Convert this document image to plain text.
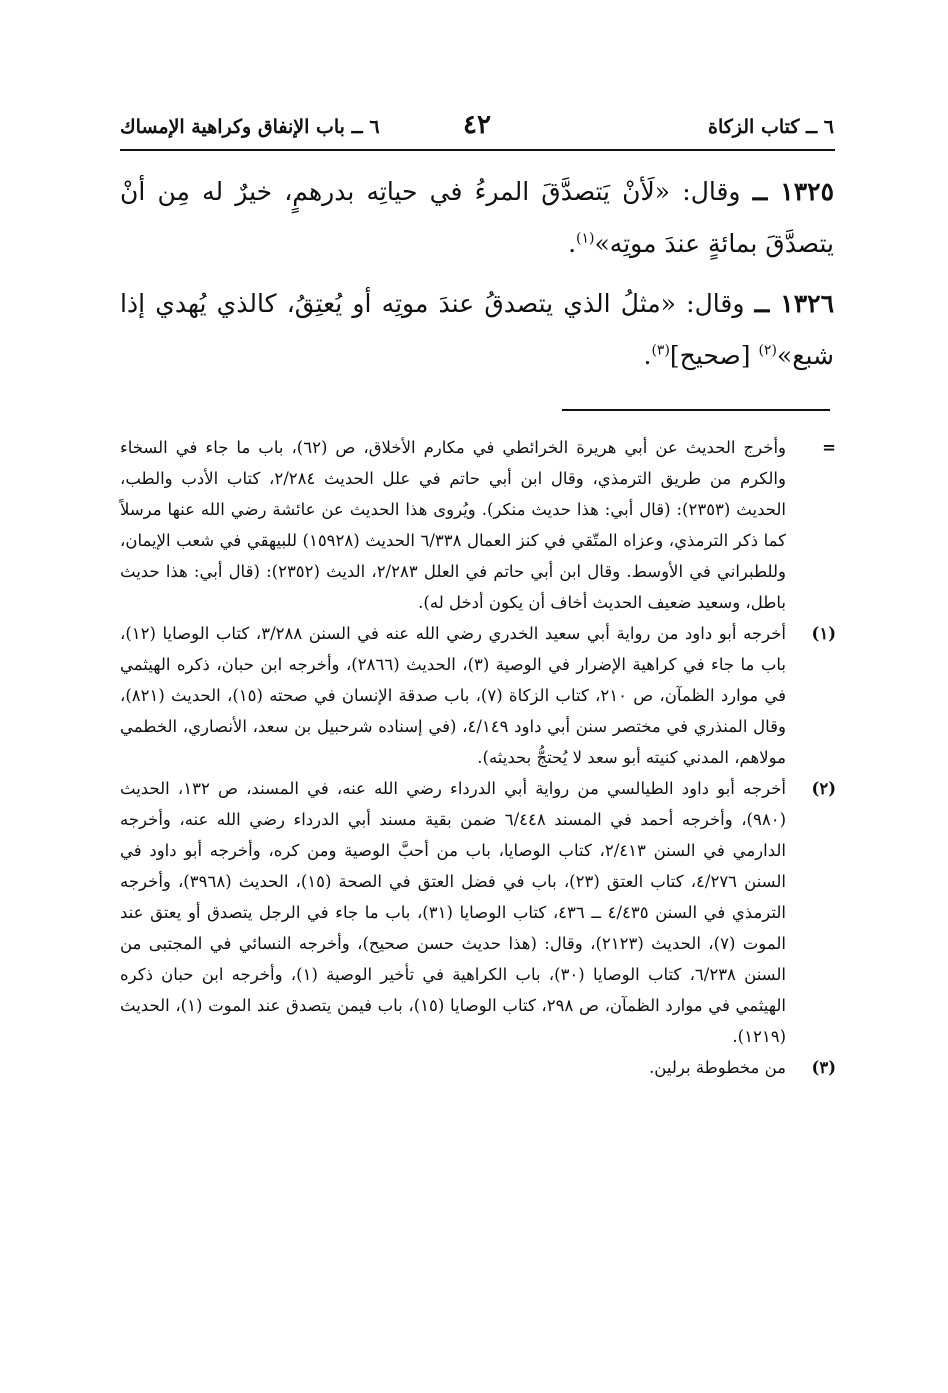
٦ ــ كتاب الزكاة
٤٢
٦ ــ باب الإنفاق وكراهية الإمساك
١٣٢٥ ــ وقال: «لَأنْ يَتصدَّقَ المرءُ في حياتِه بدرهمٍ، خيرٌ له مِن أنْ يتصدَّقَ بمائةٍ عندَ موتِه»$^{(١)}$.
١٣٢٦ ــ وقال: «مثلُ الذي يتصدقُ عندَ موتِه أو يُعتِقُ، كالذي يُهدي إذا شبع»$^{(٢)}$ [صحيح]$^{(٣)}$.
=
وأخرج الحديث عن أبي هريرة الخرائطي في مكارم الأخلاق، ص (٦٢)، باب ما جاء في السخاء والكرم من طريق الترمذي، وقال ابن أبي حاتم في علل الحديث ٢/٢٨٤، كتاب الأدب والطب، الحديث (٢٣٥٣): (قال أبي: هذا حديث منكر). ويُروى هذا الحديث عن عائشة رضي الله عنها مرسلاً كما ذكر الترمذي، وعزاه المتّقي في كنز العمال ٦/٣٣٨ الحديث (١٥٩٢٨) للبيهقي في شعب الإيمان، وللطبراني في الأوسط. وقال ابن أبي حاتم في العلل ٢/٢٨٣، الديث (٢٣٥٢): (قال أبي: هذا حديث باطل، وسعيد ضعيف الحديث أخاف أن يكون أدخل له).
(١)
أخرجه أبو داود من رواية أبي سعيد الخدري رضي الله عنه في السنن ٣/٢٨٨، كتاب الوصايا (١٢)، باب ما جاء في كراهية الإضرار في الوصية (٣)، الحديث (٢٨٦٦)، وأخرجه ابن حبان، ذكره الهيثمي في موارد الظمآن، ص ٢١٠، كتاب الزكاة (٧)، باب صدقة الإنسان في صحته (١٥)، الحديث (٨٢١)، وقال المنذري في مختصر سنن أبي داود ٤/١٤٩، (في إسناده شرحبيل بن سعد، الأنصاري، الخطمي مولاهم، المدني كنيته أبو سعد لا يُحتجُّ بحديثه).
(٢)
أخرجه أبو داود الطيالسي من رواية أبي الدرداء رضي الله عنه، في المسند، ص ١٣٢، الحديث (٩٨٠)، وأخرجه أحمد في المسند ٦/٤٤٨ ضمن بقية مسند أبي الدرداء رضي الله عنه، وأخرجه الدارمي في السنن ٢/٤١٣، كتاب الوصايا، باب من أحبَّ الوصية ومن كره، وأخرجه أبو داود في السنن ٤/٢٧٦، كتاب العتق (٢٣)، باب في فضل العتق في الصحة (١٥)، الحديث (٣٩٦٨)، وأخرجه الترمذي في السنن ٤/٤٣٥ ــ ٤٣٦، كتاب الوصايا (٣١)، باب ما جاء في الرجل يتصدق أو يعتق عند الموت (٧)، الحديث (٢١٢٣)، وقال: (هذا حديث حسن صحيح)، وأخرجه النسائي في المجتبى من السنن ٦/٢٣٨، كتاب الوصايا (٣٠)، باب الكراهية في تأخير الوصية (١)، وأخرجه ابن حبان ذكره الهيثمي في موارد الظمآن، ص ٢٩٨، كتاب الوصايا (١٥)، باب فيمن يتصدق عند الموت (١)، الحديث (١٢١٩).
(٣)
من مخطوطة برلين.
